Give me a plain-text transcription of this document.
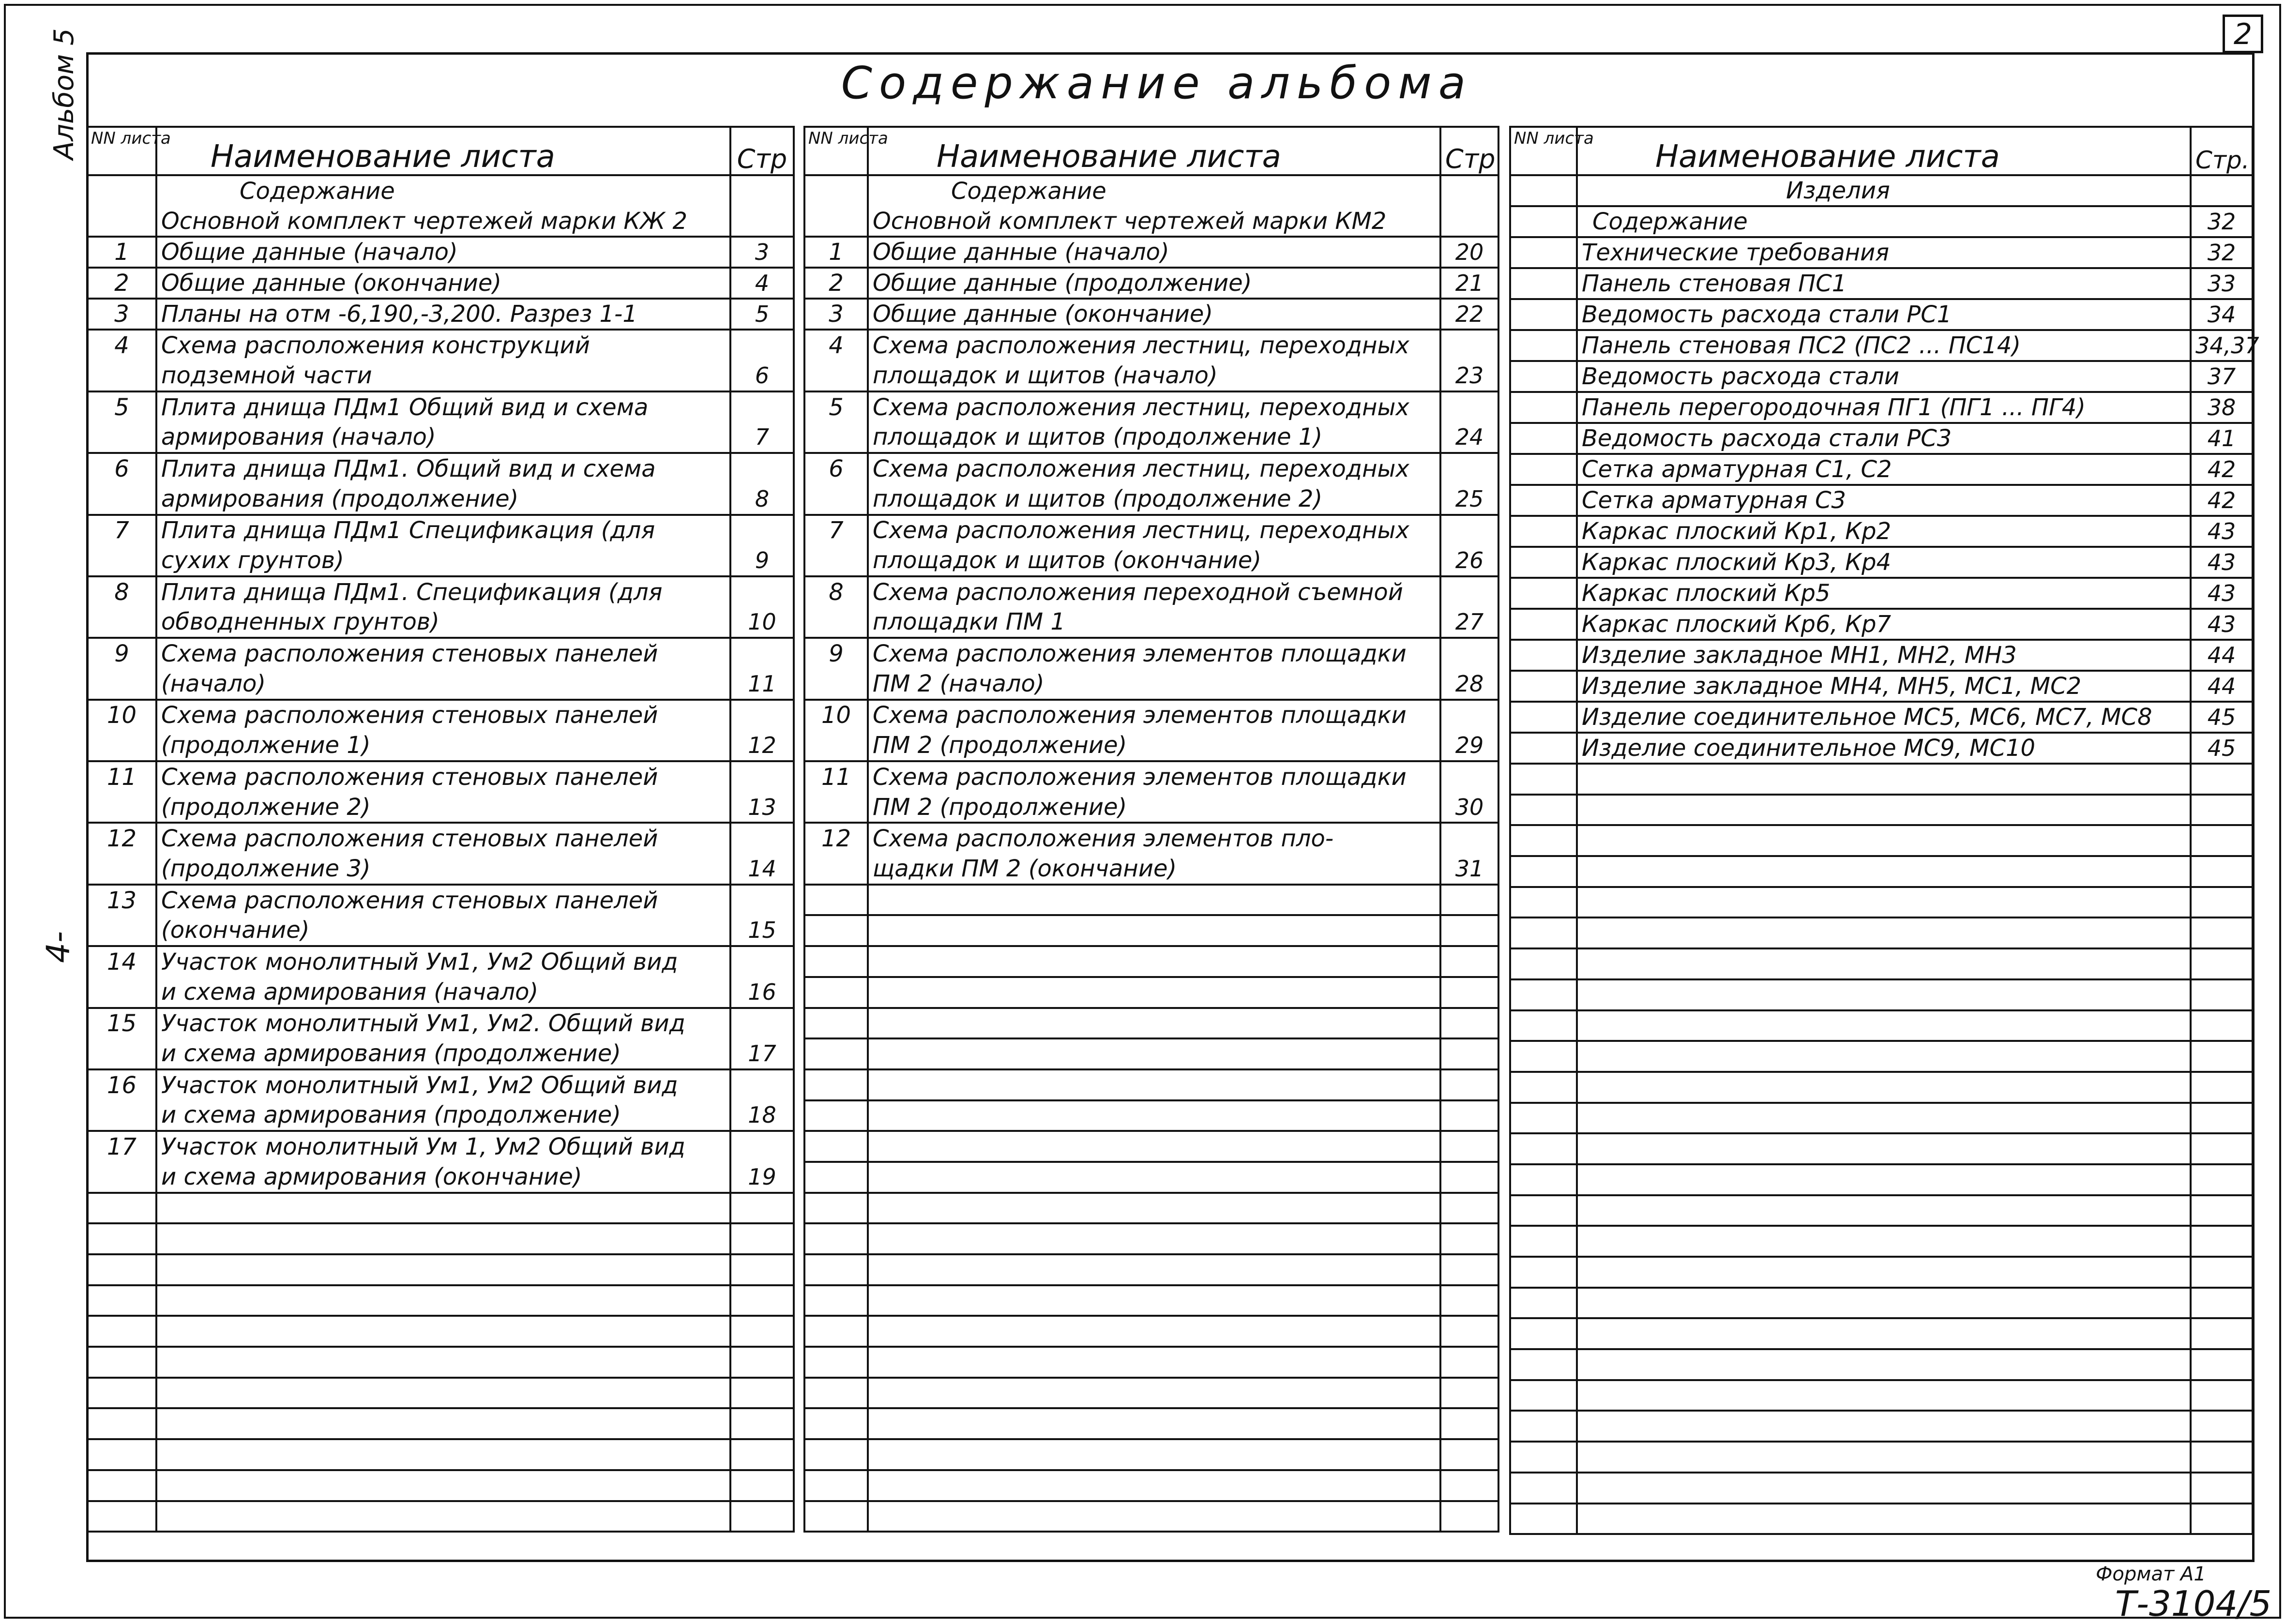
2
Содержание альбома
Альбом 5
4-
NN листа	Наименование листа	Стр
	Содержание	
	Основной комплект чертежей марки КЖ 2	
1	Общие данные (начало)	3
2	Общие данные (окончание)	4
3	Планы на отм -6,190,-3,200. Разрез 1-1	5
4	Схема расположения конструкций	
	подземной части	6
5	Плита днища ПДм1 Общий вид и схема	
	армирования (начало)	7
6	Плита днища ПДм1. Общий вид и схема	
	армирования (продолжение)	8
7	Плита днища ПДм1 Спецификация (для	
	сухих грунтов)	9
8	Плита днища ПДм1. Спецификация (для	
	обводненных грунтов)	10
9	Схема расположения стеновых панелей	
	(начало)	11
10	Схема расположения стеновых панелей	
	(продолжение 1)	12
11	Схема расположения стеновых панелей	
	(продолжение 2)	13
12	Схема расположения стеновых панелей	
	(продолжение 3)	14
13	Схема расположения стеновых панелей	
	(окончание)	15
14	Участок монолитный Ум1, Ум2 Общий вид	
	и схема армирования (начало)	16
15	Участок монолитный Ум1, Ум2. Общий вид	
	и схема армирования (продолжение)	17
16	Участок монолитный Ум1, Ум2 Общий вид	
	и схема армирования (продолжение)	18
17	Участок монолитный Ум 1, Ум2 Общий вид	
	и схема армирования (окончание)	19

NN листа	Наименование листа	Стр
	Содержание	
	Основной комплект чертежей марки КМ2	
1	Общие данные (начало)	20
2	Общие данные (продолжение)	21
3	Общие данные (окончание)	22
4	Схема расположения лестниц, переходных	
	площадок и щитов (начало)	23
5	Схема расположения лестниц, переходных	
	площадок и щитов (продолжение 1)	24
6	Схема расположения лестниц, переходных	
	площадок и щитов (продолжение 2)	25
7	Схема расположения лестниц, переходных	
	площадок и щитов (окончание)	26
8	Схема расположения переходной съемной	
	площадки ПМ 1	27
9	Схема расположения элементов площадки	
	ПМ 2 (начало)	28
10	Схема расположения элементов площадки	
	ПМ 2 (продолжение)	29
11	Схема расположения элементов площадки	
	ПМ 2 (продолжение)	30
12	Схема расположения элементов пло-	
	щадки ПМ 2 (окончание)	31

NN листа	Наименование листа	Стр.
	Изделия	
	Содержание	32
	Технические требования	32
	Панель стеновая ПС1	33
	Ведомость расхода стали РС1	34
	Панель стеновая ПС2 (ПС2 ... ПС14)	34,37
	Ведомость расхода стали	37
	Панель перегородочная ПГ1 (ПГ1 ... ПГ4)	38
	Ведомость расхода стали РС3	41
	Сетка арматурная С1, С2	42
	Сетка арматурная С3	42
	Каркас плоский Кр1, Кр2	43
	Каркас плоский Кр3, Кр4	43
	Каркас плоский Кр5	43
	Каркас плоский Кр6, Кр7	43
	Изделие закладное МН1, МН2, МН3	44
	Изделие закладное МН4, МН5, МС1, МС2	44
	Изделие соединительное МС5, МС6, МС7, МС8	45
	Изделие соединительное МС9, МС10	45

Формат А1
Т-3104/5
